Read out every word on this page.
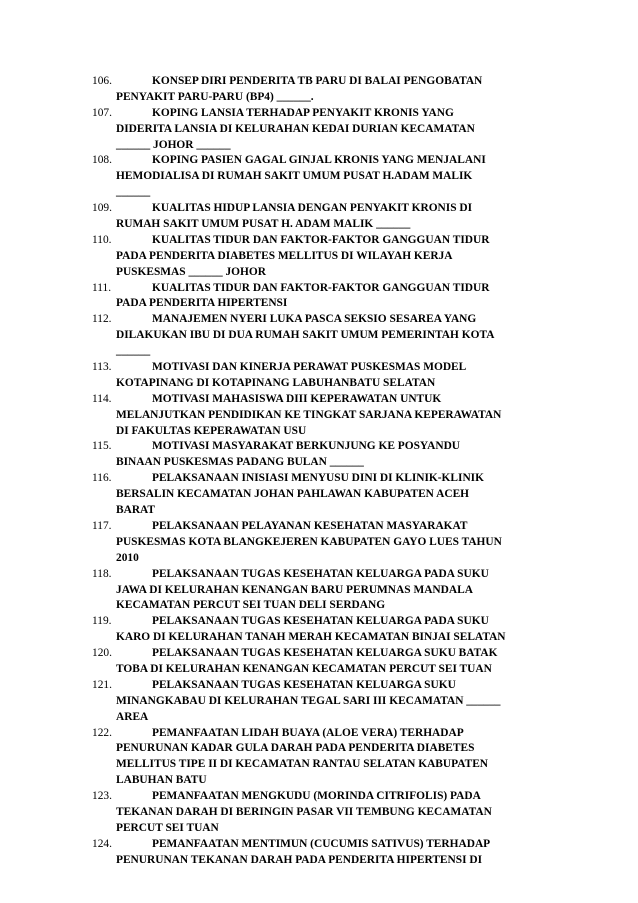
106.	KONSEP DIRI PENDERITA TB PARU DI BALAI PENGOBATAN
PENYAKIT PARU-PARU (BP4) ______.
107.	KOPING LANSIA TERHADAP PENYAKIT KRONIS YANG
DIDERITA LANSIA DI KELURAHAN KEDAI DURIAN KECAMATAN
______ JOHOR ______
108.	KOPING PASIEN GAGAL GINJAL KRONIS YANG MENJALANI
HEMODIALISA DI RUMAH SAKIT UMUM PUSAT H.ADAM MALIK
______
109.	KUALITAS HIDUP LANSIA DENGAN PENYAKIT KRONIS DI
RUMAH SAKIT UMUM PUSAT H. ADAM MALIK ______
110.	KUALITAS TIDUR DAN FAKTOR-FAKTOR GANGGUAN TIDUR
PADA PENDERITA DIABETES MELLITUS DI WILAYAH KERJA
PUSKESMAS ______ JOHOR
111.	KUALITAS TIDUR DAN FAKTOR-FAKTOR GANGGUAN TIDUR
PADA PENDERITA HIPERTENSI
112.	MANAJEMEN NYERI LUKA PASCA SEKSIO SESAREA YANG
DILAKUKAN IBU DI DUA RUMAH SAKIT UMUM PEMERINTAH KOTA
______
113.	MOTIVASI DAN KINERJA PERAWAT PUSKESMAS MODEL
KOTAPINANG DI KOTAPINANG LABUHANBATU SELATAN
114.	MOTIVASI MAHASISWA DIII KEPERAWATAN UNTUK
MELANJUTKAN PENDIDIKAN KE TINGKAT SARJANA KEPERAWATAN
DI FAKULTAS KEPERAWATAN USU
115.	MOTIVASI MASYARAKAT BERKUNJUNG KE POSYANDU
BINAAN PUSKESMAS PADANG BULAN ______
116.	PELAKSANAAN INISIASI MENYUSU DINI DI KLINIK-KLINIK
BERSALIN KECAMATAN JOHAN PAHLAWAN KABUPATEN ACEH
BARAT
117.	PELAKSANAAN PELAYANAN KESEHATAN MASYARAKAT
PUSKESMAS KOTA BLANGKEJEREN KABUPATEN GAYO LUES TAHUN
2010
118.	PELAKSANAAN TUGAS KESEHATAN KELUARGA PADA SUKU
JAWA DI KELURAHAN KENANGAN BARU PERUMNAS MANDALA
KECAMATAN PERCUT SEI TUAN DELI SERDANG
119.	PELAKSANAAN TUGAS KESEHATAN KELUARGA PADA SUKU
KARO DI KELURAHAN TANAH MERAH KECAMATAN BINJAI SELATAN
120.	PELAKSANAAN TUGAS KESEHATAN KELUARGA SUKU BATAK
TOBA DI KELURAHAN KENANGAN KECAMATAN PERCUT SEI TUAN
121.	PELAKSANAAN TUGAS KESEHATAN KELUARGA SUKU
MINANGKABAU DI KELURAHAN TEGAL SARI III KECAMATAN ______
AREA
122.	PEMANFAATAN LIDAH BUAYA (ALOE VERA) TERHADAP
PENURUNAN KADAR GULA DARAH PADA PENDERITA DIABETES
MELLITUS TIPE II DI KECAMATAN RANTAU SELATAN KABUPATEN
LABUHAN BATU
123.	PEMANFAATAN MENGKUDU (MORINDA CITRIFOLIS) PADA
TEKANAN DARAH DI BERINGIN PASAR VII TEMBUNG KECAMATAN
PERCUT SEI TUAN
124.	PEMANFAATAN MENTIMUN (CUCUMIS SATIVUS) TERHADAP
PENURUNAN TEKANAN DARAH PADA PENDERITA HIPERTENSI DI
